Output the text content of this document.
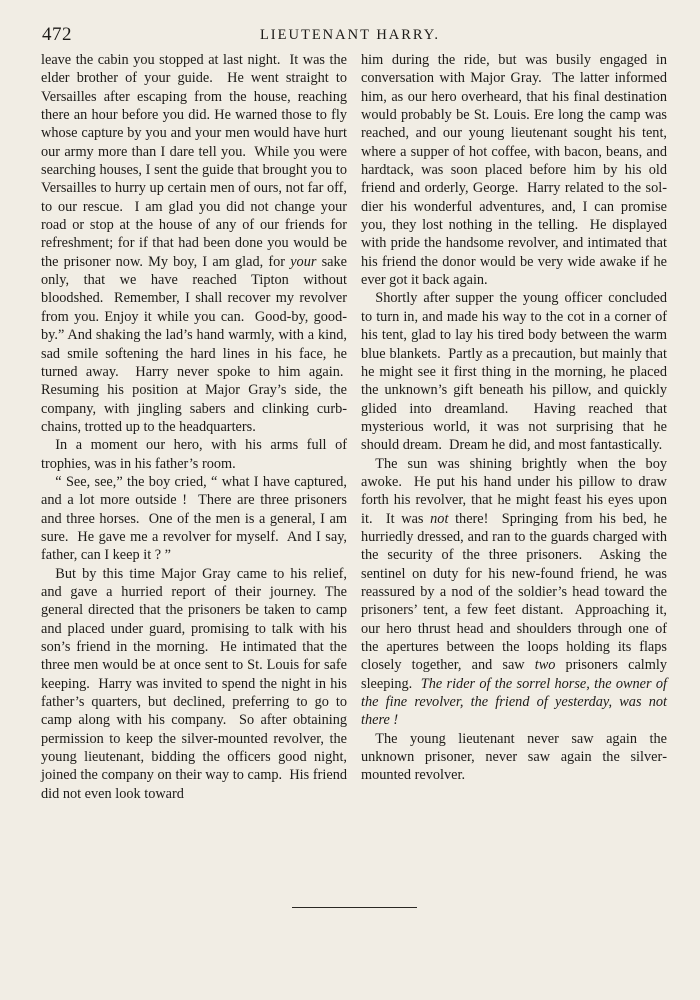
472	LIEUTENANT HARRY.

leave the cabin you stopped at last night.  It was the elder brother of your guide.  He went straight to Versailles after escaping from the house, reaching there an hour before you did. He warned those to fly whose capture by you and your men would have hurt our army more than I dare tell you.  While you were searching houses, I sent the guide that brought you to Versailles to hurry up certain men of ours, not far off, to our rescue.  I am glad you did not change your road or stop at the house of any of our friends for refreshment; for if that had been done you would be the prisoner now. My boy, I am glad, for your sake only, that we have reached Tipton without bloodshed.  Remember, I shall recover my revolver from you. Enjoy it while you can.  Good-by, good-by.” And shaking the lad’s hand warmly, with a kind, sad smile softening the hard lines in his face, he turned away.  Harry never spoke to him again.  Resuming his position at Major Gray’s side, the company, with jingling sabers and clinking curb-chains, trotted up to the headquarters.

In a moment our hero, with his arms full of trophies, was in his father’s room.

“ See, see,” the boy cried, “ what I have captured, and a lot more outside !  There are three prisoners and three horses.  One of the men is a general, I am sure.  He gave me a revolver for myself.  And I say, father, can I keep it ? ”

But by this time Major Gray came to his relief, and gave a hurried report of their journey. The general directed that the prisoners be taken to camp and placed under guard, promising to talk with his son’s friend in the morning.  He intimated that the three men would be at once sent to St. Louis for safe keeping.  Harry was invited to spend the night in his father’s quarters, but declined, preferring to go to camp along with his company.  So after obtaining permission to keep the silver-mounted revolver, the young lieutenant, bidding the officers good night, joined the company on their way to camp.  His friend did not even look toward

him during the ride, but was busily engaged in conversation with Major Gray.  The latter informed him, as our hero overheard, that his final destination would probably be St. Louis. Ere long the camp was reached, and our young lieutenant sought his tent, where a supper of hot coffee, with bacon, beans, and hardtack, was soon placed before him by his old friend and orderly, George.  Harry related to the soldier his wonderful adventures, and, I can promise you, they lost nothing in the telling.  He displayed with pride the handsome revolver, and intimated that his friend the donor would be very wide awake if he ever got it back again.

Shortly after supper the young officer concluded to turn in, and made his way to the cot in a corner of his tent, glad to lay his tired body between the warm blue blankets.  Partly as a precaution, but mainly that he might see it first thing in the morning, he placed the unknown’s gift beneath his pillow, and quickly glided into dreamland.  Having reached that mysterious world, it was not surprising that he should dream.  Dream he did, and most fantastically.

The sun was shining brightly when the boy awoke.  He put his hand under his pillow to draw forth his revolver, that he might feast his eyes upon it.  It was not there!  Springing from his bed, he hurriedly dressed, and ran to the guards charged with the security of the three prisoners.  Asking the sentinel on duty for his new-found friend, he was reassured by a nod of the soldier’s head toward the prisoners’ tent, a few feet distant.  Approaching it, our hero thrust head and shoulders through one of the apertures between the loops holding its flaps closely together, and saw two prisoners calmly sleeping.  The rider of the sorrel horse, the owner of the fine revolver, the friend of yesterday, was not there !

The young lieutenant never saw again the unknown prisoner, never saw again the silvermounted revolver.
